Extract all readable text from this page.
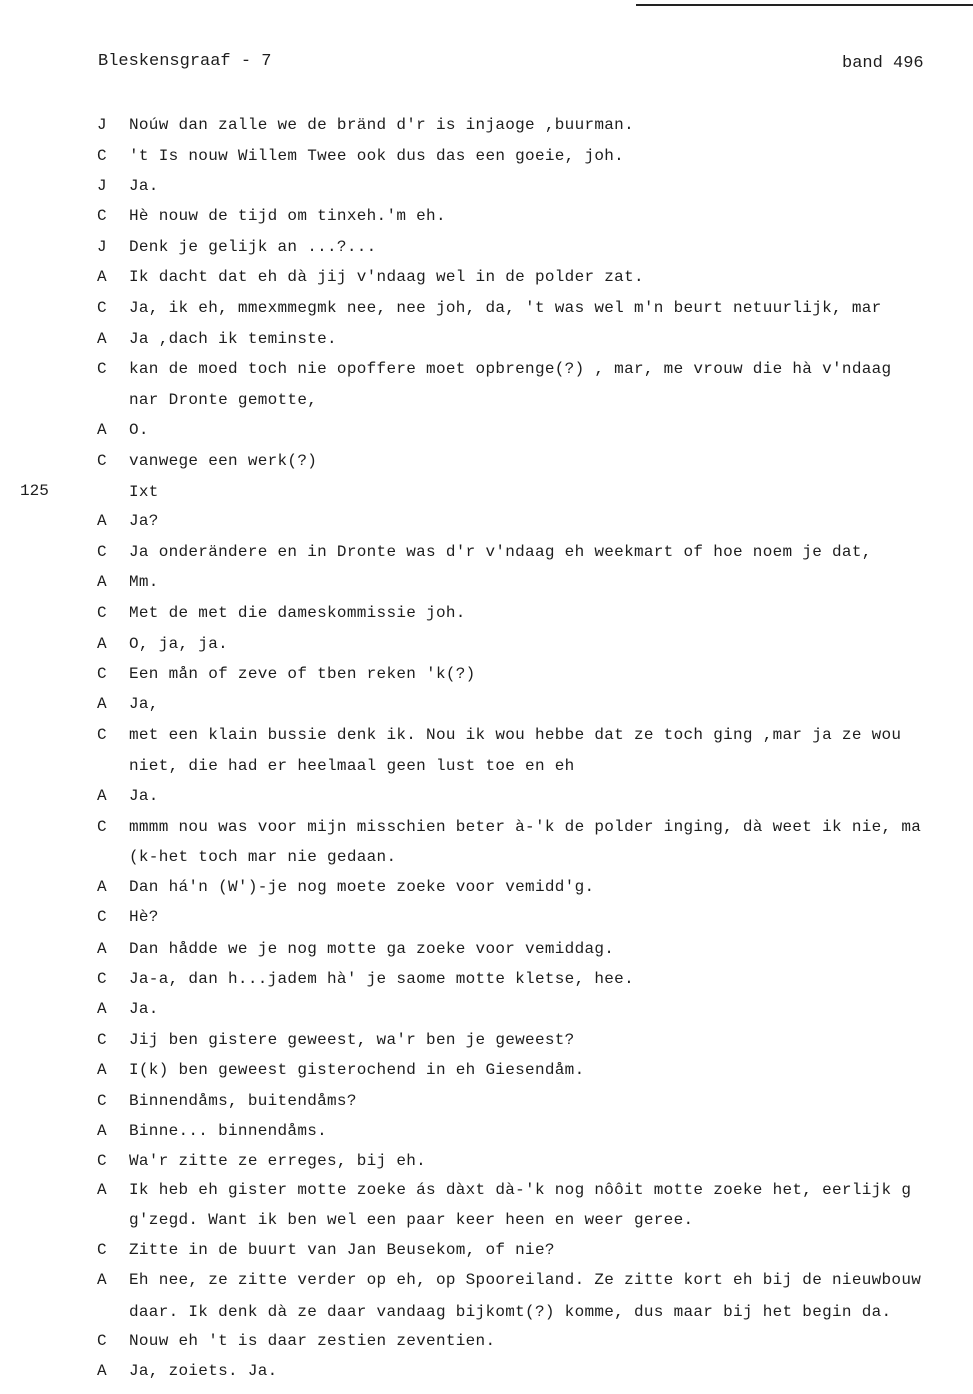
Bleskensgraaf - 7	band 496
125
J Noúw dan zalle we de bränd d'r is injaoge ,buurman.
C 't Is nouw Willem Twee ook dus das een goeie, joh.
J Ja.
C Hè nouw de tijd om tinxeh.'m eh.
J Denk je gelijk an ...?...
A Ik dacht dat eh dà jij v'ndaag wel in de polder zat.
C Ja, ik eh, mmexmmegmk nee, nee joh, da, 't was wel m'n beurt netuurlijk, mar
A Ja ,dach ik teminste.
C kan de moed toch nie opoffere moet opbrenge(?) , mar, me vrouw die hà v'ndaag
nar Dronte gemotte,
A O.
C vanwege een werk(?)
Ixt
A Ja?
C Ja onderändere en in Dronte was d'r v'ndaag eh weekmart of hoe noem je dat,
A Mm.
C Met de met die dameskommissie joh.
A O, ja, ja.
C Een mån of zeve of tben reken 'k(?)
A Ja,
C met een klain bussie denk ik. Nou ik wou hebbe dat ze toch ging ,mar ja ze wou
niet, die had er heelmaal geen lust toe en eh
A Ja.
C mmmm nou was voor mijn misschien beter à-'k de polder inging, dà weet ik nie, ma
(k-het toch mar nie gedaan.
A Dan há'n (W')-je nog moete zoeke voor vemidd'g.
C Hè?
A Dan hådde we je nog motte ga zoeke voor vemiddag.
C Ja-a, dan h...jadem hà' je saome motte kletse, hee.
A Ja.
C Jij ben gistere geweest, wa'r ben je geweest?
A I(k) ben geweest gisterochend in eh Giesendåm.
C Binnendåms, buitendåms?
A Binne... binnendåms.
C Wa'r zitte ze erreges, bij eh.
A Ik heb eh gister motte zoeke ás dàxt dà-'k nog nôôit motte zoeke het, eerlijk g
g'zegd. Want ik ben wel een paar keer heen en weer geree.
C Zitte in de buurt van Jan Beusekom, of nie?
A Eh nee, ze zitte verder op eh, op Spooreiland. Ze zitte kort eh bij de nieuwbouw
daar. Ik denk dà ze daar vandaag bijkomt(?) komme, dus maar bij het begin da.
C Nouw eh 't is daar zestien zeventien.
A Ja, zoiets. Ja.
